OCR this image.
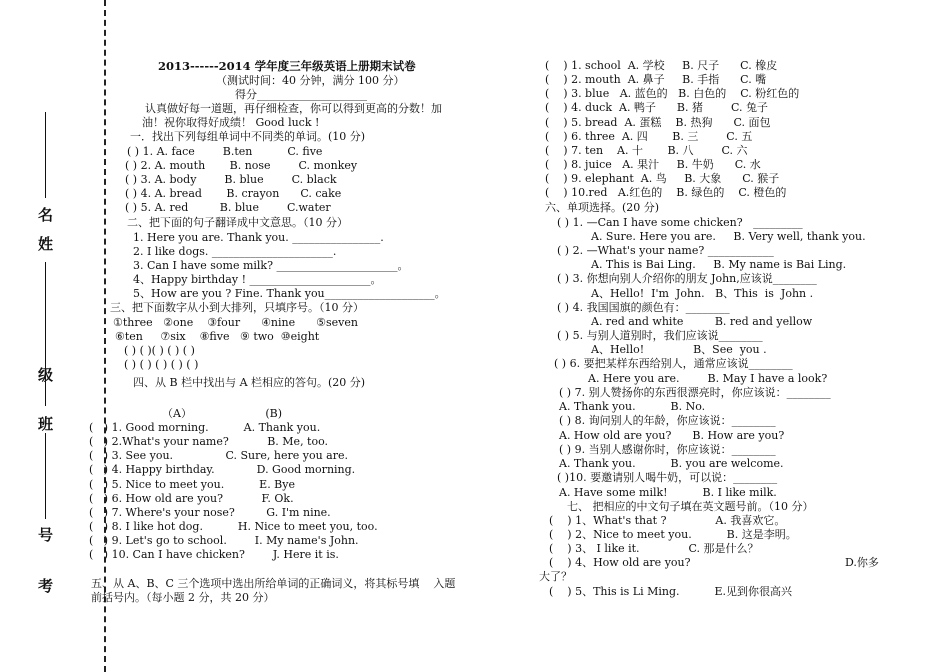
考
号
班
级
姓
名
2013------2014 学年度三年级英语上册期末试卷
（测试时间：40 分钟，满分 100 分）
得分____________________
认真做好每一道题，再仔细检查，你可以得到更高的分数！加
油！祝你取得好成绩！ Good luck !
一．找出下列每组单词中不同类的单词。(10 分)
( ) 1. A. face        B.ten          C. five
( ) 2. A. mouth       B. nose        C. monkey
( ) 3. A. body        B. blue        C. black
( ) 4. A. bread       B. crayon      C. cake
( ) 5. A. red         B. blue        C.water
二、把下面的句子翻译成中文意思。（10 分）
1. Here you are. Thank you. ________________.
2. I like dogs. ______________________.
3. Can I have some milk? ______________________。
4、Happy birthday ! ______________________。
5、How are you ? Fine. Thank you____________________。
三、把下面数字从小到大排列，只填序号。（10 分）
①three   ②one    ③four      ④nine      ⑤seven
⑥ten     ⑦six    ⑧five   ⑨ two  ⑩eight
( ) ( )( ) ( ) ( )
( ) ( ) ( ) ( ) ( )
四、从 B 栏中找出与 A 栏相应的答句。(20 分)
（A）                     (B)
(   ) 1. Good morning.          A. Thank you.
(   ) 2.What's your name?           B. Me, too.
(   ) 3. See you.               C. Sure, here you are.
(   ) 4. Happy birthday.            D. Good morning.
(   ) 5. Nice to meet you.          E. Bye
(   ) 6. How old are you?           F. Ok.
(   ) 7. Where's your nose?         G. I'm nine.
(   ) 8. I like hot dog.          H. Nice to meet you, too.
(   ) 9. Let's go to school.        I. My name's John.
(   ) 10. Can I have chicken?        J. Here it is.
五、从 A、B、C 三个选项中选出所给单词的正确词义，将其标号填    入题
前括号内。（每小题 2 分，共 20 分）
(    ) 1. school  A. 学校     B. 尺子      C. 橡皮
(    ) 2. mouth  A. 鼻子     B. 手指      C. 嘴
(    ) 3. blue   A. 蓝色的   B. 白色的    C. 粉红色的
(    ) 4. duck  A. 鸭子      B. 猪        C. 兔子
(    ) 5. bread  A. 蛋糕    B. 热狗      C. 面包
(    ) 6. three  A. 四       B. 三        C. 五
(    ) 7. ten    A. 十       B. 八        C. 六
(    ) 8. juice   A. 果汁     B. 牛奶      C. 水
(    ) 9. elephant  A. 鸟     B. 大象      C. 猴子
(    ) 10.red   A.红色的    B. 绿色的    C. 橙色的
六、单项选择。(20 分)
( ) 1. —Can I have some chicken?   _________
A. Sure. Here you are.     B. Very well, thank you.
( ) 2. —What's your name? ____________
A. This is Bai Ling.     B. My name is Bai Ling.
( ) 3. 你想向别人介绍你的朋友 John,应该说________
A、Hello!  I'm  John.   B、This  is  John .
( ) 4. 我国国旗的颜色有：________
A. red and white         B. red and yellow
( ) 5. 与别人道别时，我们应该说________
A、Hello!              B、See  you .
( ) 6. 要把某样东西给别人，通常应该说________
A. Here you are.        B. May I have a look?
( ) 7. 别人赞扬你的东西很漂亮时，你应该说：________
A. Thank you.          B. No.
( ) 8. 询问别人的年龄，你应该说：________
A. How old are you?      B. How are you?
( ) 9. 当别人感谢你时，你应该说：________
A. Thank you.          B. you are welcome.
( )10. 要邀请别人喝牛奶，可以说：________
A. Have some milk!          B. I like milk.
七、 把相应的中文句子填在英文题号前。（10 分）
(    ) 1、What's that ?              A. 我喜欢它。
(    ) 2、Nice to meet you.          B. 这是李明。
(    ) 3、 I like it.              C. 那是什么？
(    ) 4、How old are you?	D.你多
大了？
(    ) 5、This is Li Ming.          E.见到你很高兴
